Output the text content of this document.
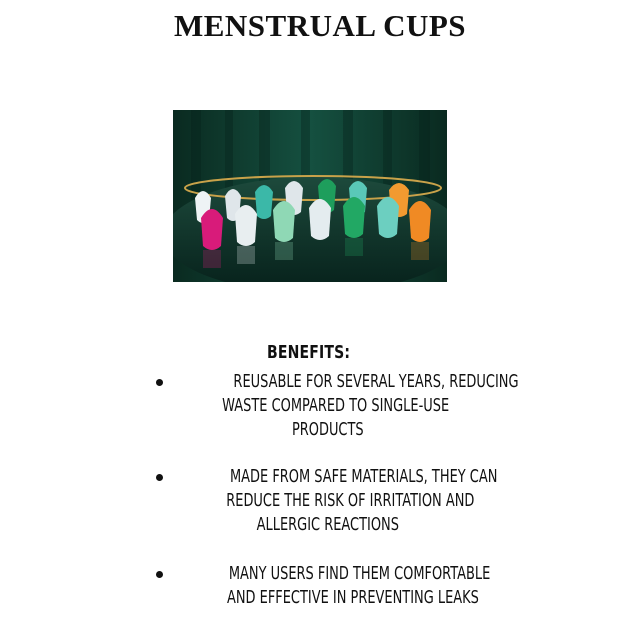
MENSTRUAL CUPS
BENEFITS:
REUSABLE FOR SEVERAL YEARS, REDUCING
WASTE COMPARED TO SINGLE-USE
PRODUCTS
MADE FROM SAFE MATERIALS, THEY CAN
REDUCE THE RISK OF IRRITATION AND
ALLERGIC REACTIONS
MANY USERS FIND THEM COMFORTABLE
AND EFFECTIVE IN PREVENTING LEAKS
